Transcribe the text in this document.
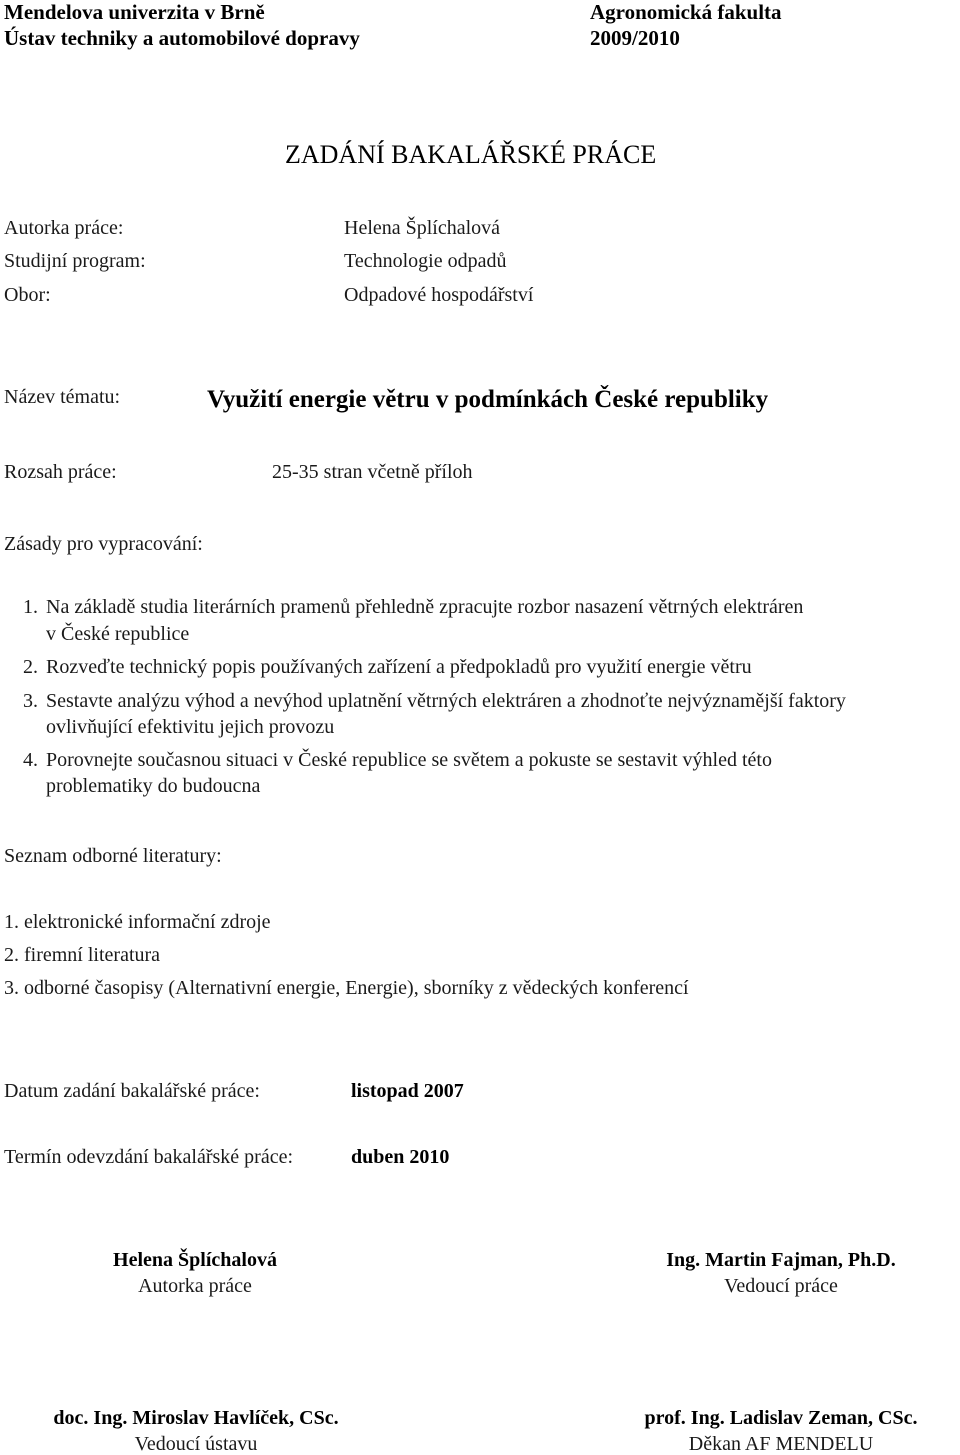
Mendelova univerzita v Brně	Agronomická fakulta
Ústav techniky a automobilové dopravy	2009/2010
ZADÁNÍ BAKALÁŘSKÉ PRÁCE
Autorka práce:	Helena Šplíchalová
Studijní program:	Technologie odpadů
Obor:	Odpadové hospodářství
Název tématu:	Využití energie větru v podmínkách České republiky
Rozsah práce:	25-35 stran včetně příloh
Zásady pro vypracování:
1. Na základě studia literárních pramenů přehledně zpracujte rozbor nasazení větrných elektráren
v České republice
2. Rozveďte technický popis používaných zařízení a předpokladů pro využití energie větru
3. Sestavte analýzu výhod a nevýhod uplatnění větrných elektráren a zhodnoťte nejvýznamější faktory
ovlivňující efektivitu jejich provozu
4. Porovnejte současnou situaci v České republice se světem a pokuste se sestavit výhled této
problematiky do budoucna
Seznam odborné literatury:
1. elektronické informační zdroje
2. firemní literatura
3. odborné časopisy (Alternativní energie, Energie), sborníky z vědeckých konferencí
Datum zadání bakalářské práce:	listopad 2007
Termín odevzdání bakalářské práce:	duben 2010
Helena Šplíchalová
Autorka práce
Ing. Martin Fajman, Ph.D.
Vedoucí práce
doc. Ing. Miroslav Havlíček, CSc.
Vedoucí ústavu
prof. Ing. Ladislav Zeman, CSc.
Děkan AF MENDELU
